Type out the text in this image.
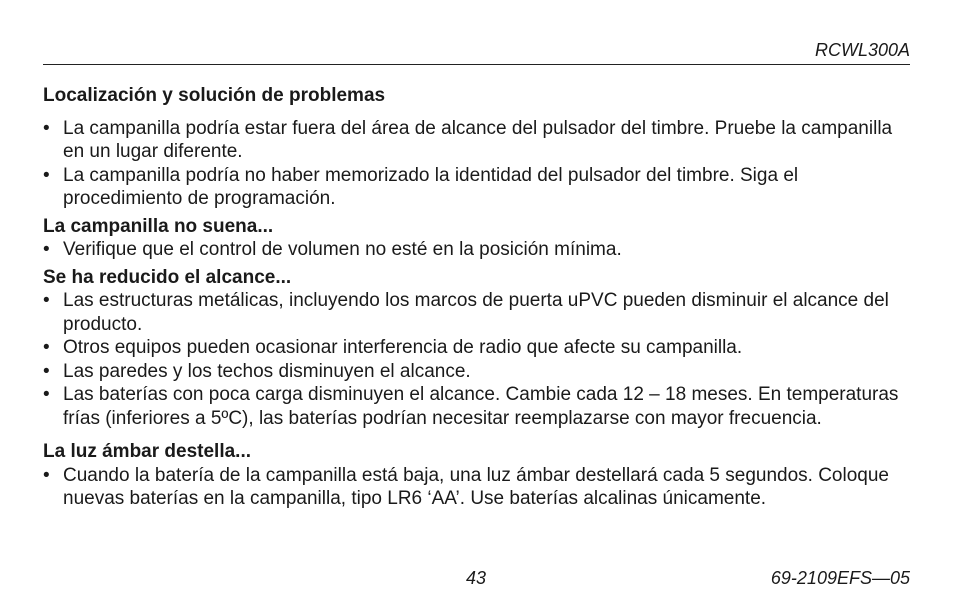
RCWL300A

Localización y solución de problemas

• La campanilla podría estar fuera del área de alcance del pulsador del timbre. Pruebe la campanilla en un lugar diferente.
• La campanilla podría no haber memorizado la identidad del pulsador del timbre. Siga el procedimiento de programación.

La campanilla no suena...

• Verifique que el control de volumen no esté en la posición mínima.

Se ha reducido el alcance...

• Las estructuras metálicas, incluyendo los marcos de puerta uPVC pueden disminuir el alcance del producto.
• Otros equipos pueden ocasionar interferencia de radio que afecte su campanilla.
• Las paredes y los techos disminuyen el alcance.
• Las baterías con poca carga disminuyen el alcance. Cambie cada 12 – 18 meses. En temperaturas frías (inferiores a 5ºC), las baterías podrían necesitar reemplazarse con mayor frecuencia.

La luz ámbar destella...

• Cuando la batería de la campanilla está baja, una luz ámbar destellará cada 5 segundos. Coloque nuevas baterías en la campanilla, tipo LR6 ‘AA’. Use baterías alcalinas únicamente.
43	69-2109EFS—05
